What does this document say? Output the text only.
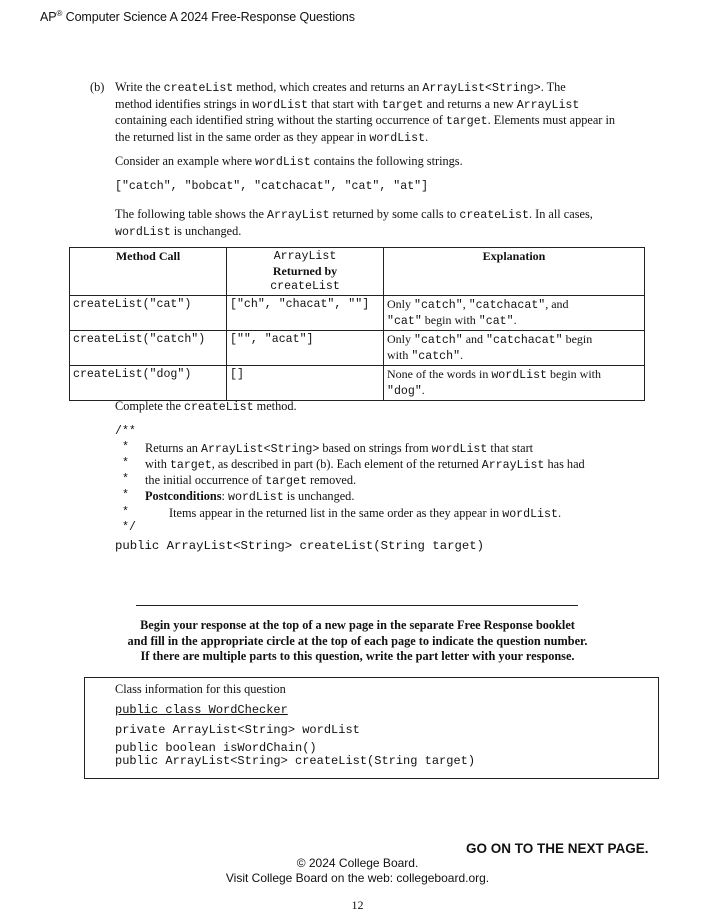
AP® Computer Science A 2024 Free-Response Questions
(b) Write the createList method, which creates and returns an ArrayList<String>. The
method identifies strings in wordList that start with target and returns a new ArrayList
containing each identified string without the starting occurrence of target. Elements must appear in
the returned list in the same order as they appear in wordList.
Consider an example where wordList contains the following strings.
["catch", "bobcat", "catchacat", "cat", "at"]
The following table shows the ArrayList returned by some calls to createList. In all cases,
wordList is unchanged.
Method Call	ArrayList
Returned by
createList	Explanation
createList("cat")	["ch", "chacat", ""]	Only "catch", "catchacat", and
"cat" begin with "cat".

createList("catch")	["", "acat"]	Only "catch" and "catchacat" begin
with "catch".

createList("dog")	[]	None of the words in wordList begin with
"dog".
Complete the createList method.
/**
* Returns an ArrayList<String> based on strings from wordList that start
* with target, as described in part (b). Each element of the returned ArrayList has had
* the initial occurrence of target removed.
* Postconditions: wordList is unchanged.
*	Items appear in the returned list in the same order as they appear in wordList.
*/
public ArrayList<String> createList(String target)
Begin your response at the top of a new page in the separate Free Response booklet
and fill in the appropriate circle at the top of each page to indicate the question number.
If there are multiple parts to this question, write the part letter with your response.
Class information for this question
public class WordChecker
private ArrayList<String> wordList
public boolean isWordChain()
public ArrayList<String> createList(String target)
GO ON TO THE NEXT PAGE.
© 2024 College Board.
Visit College Board on the web: collegeboard.org.
12
